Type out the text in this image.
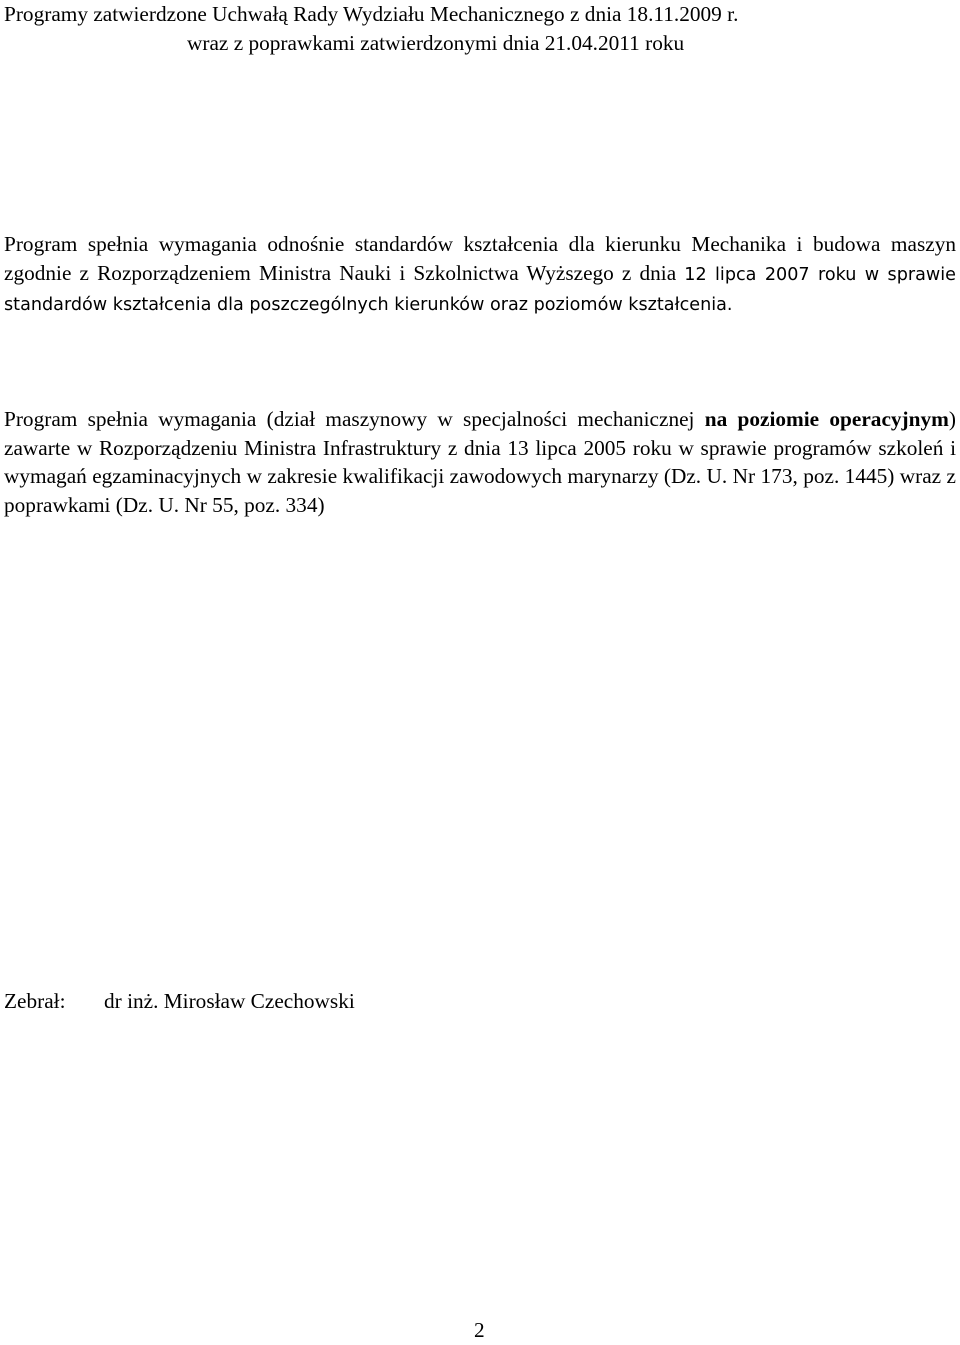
Programy zatwierdzone Uchwałą Rady Wydziału Mechanicznego z dnia 18.11.2009 r.
wraz z poprawkami zatwierdzonymi dnia 21.04.2011 roku

Program spełnia wymagania odnośnie standardów kształcenia dla kierunku Mechanika i budowa maszyn zgodnie z Rozporządzeniem Ministra Nauki i Szkolnictwa Wyższego z dnia 12 lipca 2007 roku w sprawie standardów kształcenia dla poszczególnych kierunków oraz poziomów kształcenia.

Program spełnia wymagania (dział maszynowy w specjalności mechanicznej na poziomie operacyjnym) zawarte w Rozporządzeniu Ministra Infrastruktury z dnia 13 lipca 2005 roku w sprawie programów szkoleń i wymagań egzaminacyjnych w zakresie kwalifikacji zawodowych marynarzy (Dz. U. Nr 173, poz. 1445) wraz z poprawkami (Dz. U. Nr 55, poz. 334)

Zebrał: dr inż. Mirosław Czechowski
2
